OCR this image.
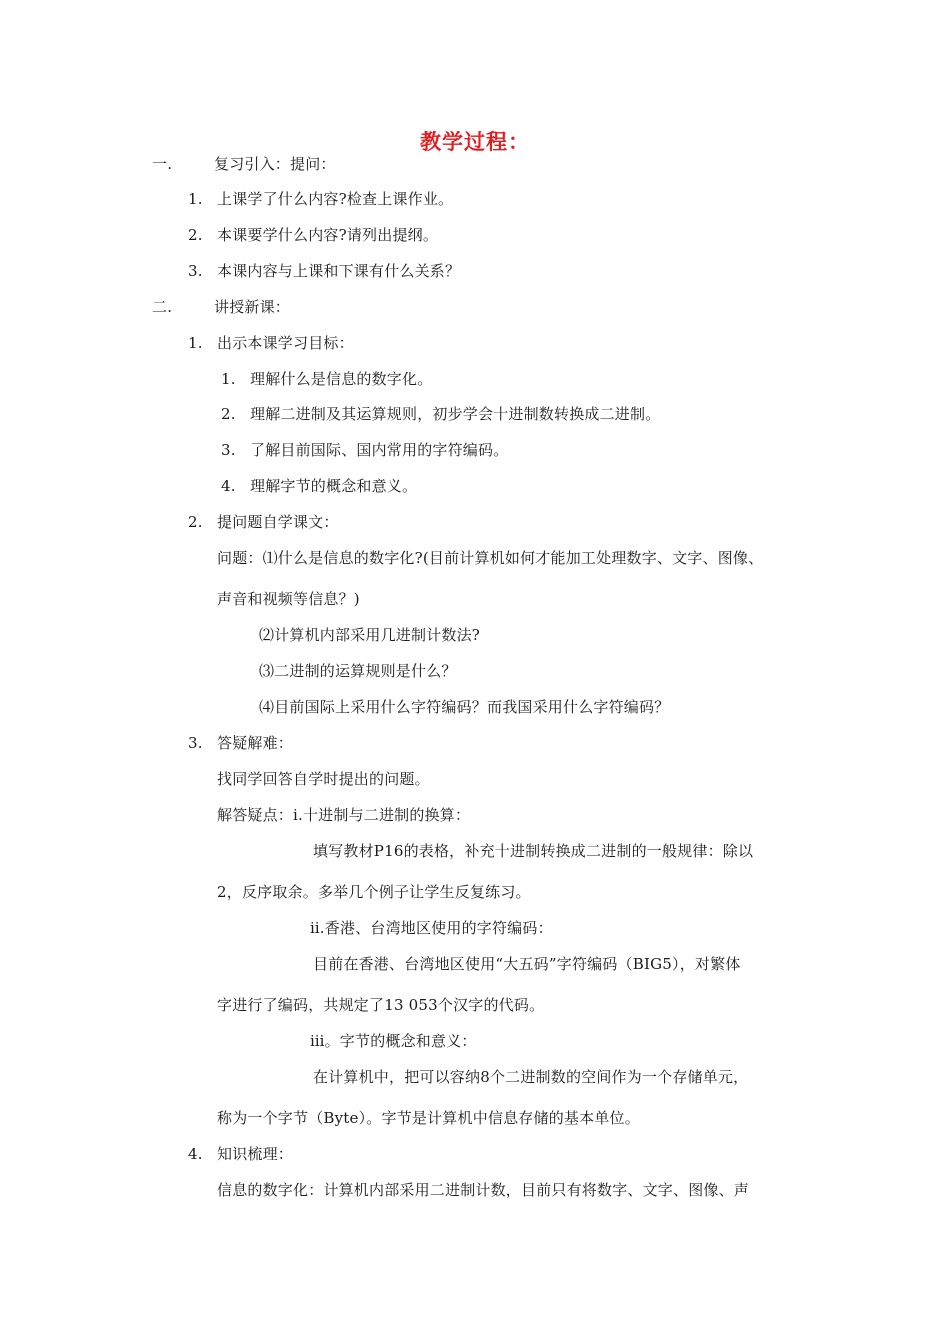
教学过程：
一.	复习引入：提问：
1. 上课学了什么内容?检查上课作业。
2. 本课要学什么内容?请列出提纲。
3. 本课内容与上课和下课有什么关系？
二.	讲授新课：
1. 出示本课学习目标：
1. 理解什么是信息的数字化。
2. 理解二进制及其运算规则，初步学会十进制数转换成二进制。
3. 了解目前国际、国内常用的字符编码。
4. 理解字节的概念和意义。
2. 提问题自学课文：
问题：⑴什么是信息的数字化?(目前计算机如何才能加工处理数字、文字、图像、
声音和视频等信息？)
⑵计算机内部采用几进制计数法?
⑶二进制的运算规则是什么？
⑷目前国际上采用什么字符编码？而我国采用什么字符编码？
3. 答疑解难：
找同学回答自学时提出的问题。
解答疑点：ⅰ.十进制与二进制的换算：
填写教材P16的表格，补充十进制转换成二进制的一般规律：除以
2，反序取余。多举几个例子让学生反复练习。
ⅱ.香港、台湾地区使用的字符编码：
目前在香港、台湾地区使用“大五码”字符编码（BIG5），对繁体
字进行了编码，共规定了13 053个汉字的代码。
ⅲ。字节的概念和意义：
在计算机中，把可以容纳8个二进制数的空间作为一个存储单元，
称为一个字节（Byte）。字节是计算机中信息存储的基本单位。
4. 知识梳理：
信息的数字化：计算机内部采用二进制计数，目前只有将数字、文字、图像、声
